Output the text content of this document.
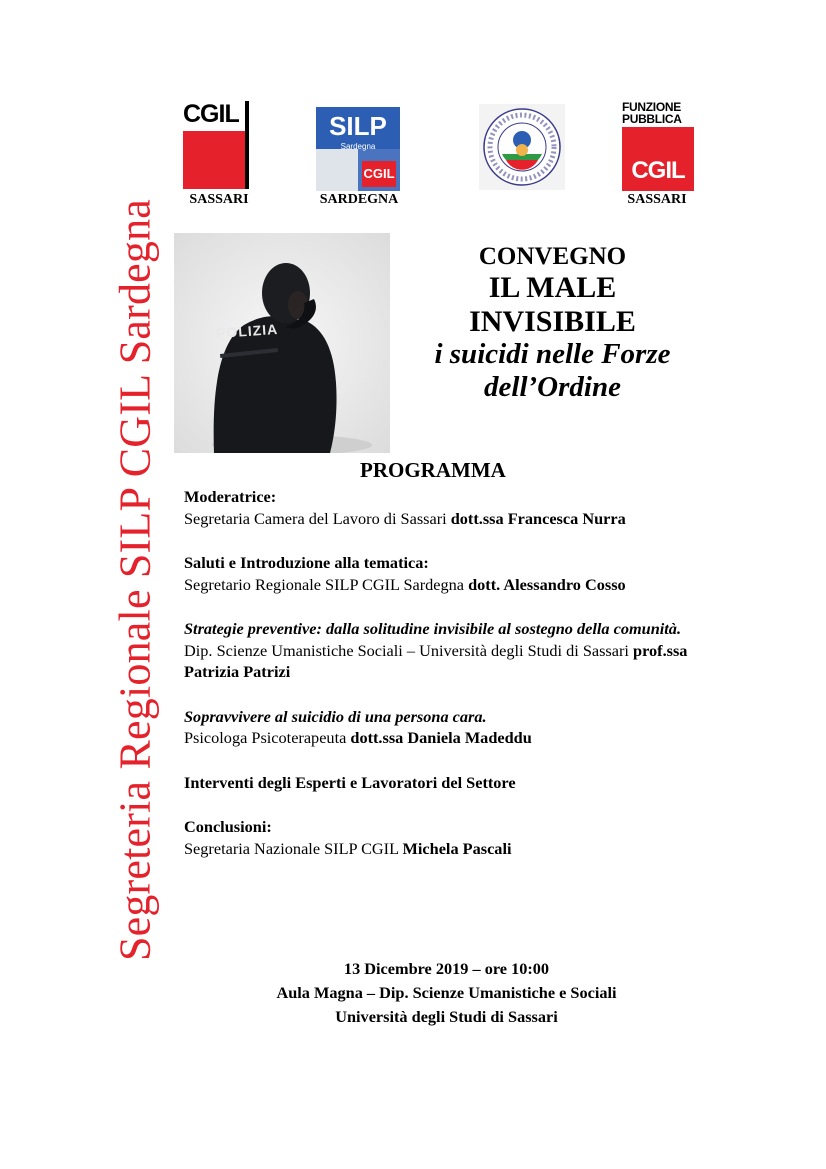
Segreteria Regionale SILP CGIL Sardegna
CGIL
SASSARI
SILP
Sardegna
CGIL
SARDEGNA
FUNZIONE
PUBBLICA
CGIL
SASSARI
POLIZIA
CONVEGNO
IL MALE
INVISIBILE
i suicidi nelle Forze
dell’Ordine
PROGRAMMA

Moderatrice:
Segretaria Camera del Lavoro di Sassari dott.ssa Francesca Nurra

Saluti e Introduzione alla tematica:
Segretario Regionale SILP CGIL Sardegna dott. Alessandro Cosso

Strategie preventive: dalla solitudine invisibile al sostegno della comunità.
Dip. Scienze Umanistiche Sociali – Università degli Studi di Sassari prof.ssa Patrizia Patrizi

Sopravvivere al suicidio di una persona cara.
Psicologa Psicoterapeuta dott.ssa Daniela Madeddu

Interventi degli Esperti e Lavoratori del Settore

Conclusioni:
Segretaria Nazionale SILP CGIL Michela Pascali

13 Dicembre 2019 – ore 10:00
Aula Magna – Dip. Scienze Umanistiche e Sociali
Università degli Studi di Sassari
